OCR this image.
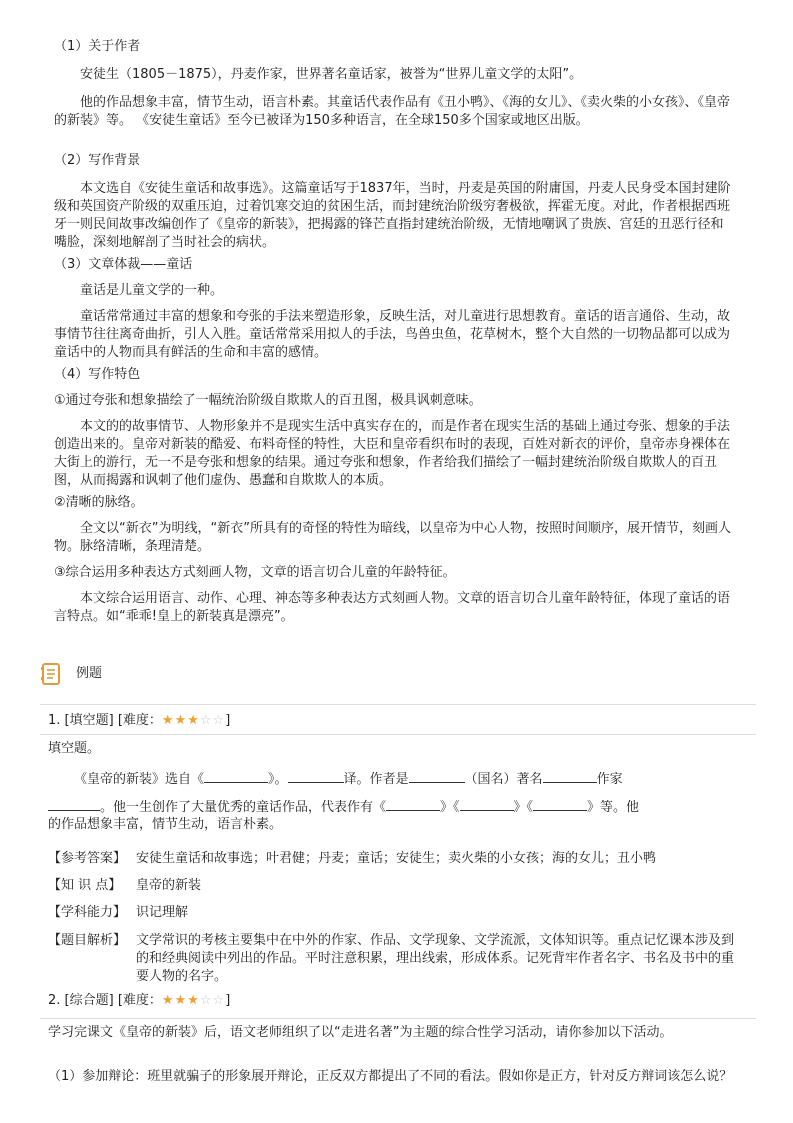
（1）关于作者

安徒生（1805－1875），丹麦作家，世界著名童话家，被誉为“世界儿童文学的太阳”。

他的作品想象丰富，情节生动，语言朴素。其童话代表作品有《丑小鸭》、《海的女儿》、《卖火柴的小女孩》、《皇帝的新装》等。 《安徒生童话》至今已被译为150多种语言，在全球150多个国家或地区出版。

（2）写作背景

本文选自《安徒生童话和故事选》。这篇童话写于1837年，当时，丹麦是英国的附庸国，丹麦人民身受本国封建阶级和英国资产阶级的双重压迫，过着饥寒交迫的贫困生活，而封建统治阶级穷奢极欲，挥霍无度。对此，作者根据西班牙一则民间故事改编创作了《皇帝的新装》，把揭露的锋芒直指封建统治阶级，无情地嘲讽了贵族、宫廷的丑恶行径和嘴脸，深刻地解剖了当时社会的病状。

（3）文章体裁——童话

童话是儿童文学的一种。

童话常常通过丰富的想象和夸张的手法来塑造形象，反映生活，对儿童进行思想教育。童话的语言通俗、生动，故事情节往往离奇曲折，引人入胜。童话常常采用拟人的手法，鸟兽虫鱼，花草树木，整个大自然的一切物品都可以成为童话中的人物而具有鲜活的生命和丰富的感情。

（4）写作特色

①通过夸张和想象描绘了一幅统治阶级自欺欺人的百丑图，极具讽刺意味。

本文的的故事情节、人物形象并不是现实生活中真实存在的，而是作者在现实生活的基础上通过夸张、想象的手法创造出来的。皇帝对新装的酷爱、布料奇怪的特性，大臣和皇帝看织布时的表现，百姓对新衣的评价，皇帝赤身裸体在大街上的游行，无一不是夸张和想象的结果。通过夸张和想象，作者给我们描绘了一幅封建统治阶级自欺欺人的百丑图，从而揭露和讽刺了他们虚伪、愚蠢和自欺欺人的本质。

②清晰的脉络。

全文以“新衣”为明线，“新衣”所具有的奇怪的特性为暗线，以皇帝为中心人物，按照时间顺序，展开情节，刻画人物。脉络清晰，条理清楚。

③综合运用多种表达方式刻画人物，文章的语言切合儿童的年龄特征。

本文综合运用语言、动作、心理、神态等多种表达方式刻画人物。文章的语言切合儿童年龄特征，体现了童话的语言特点。如“乖乖!皇上的新装真是漂亮”。

例题
1. [填空题] [难度：★★★☆☆]

填空题。

《皇帝的新装》选自《	》。	译。作者是	（国名）著名	作家

。他一生创作了大量优秀的童话作品，代表作有《	》《	》《	》等。他

的作品想象丰富，情节生动，语言朴素。

【参考答案】 安徒生童话和故事选；叶君健；丹麦；童话；安徒生；卖火柴的小女孩；海的女儿；丑小鸭
【知 识 点】	皇帝的新装
【学科能力】 识记理解
【题目解析】 文学常识的考核主要集中在中外的作家、作品、文学现象、文学流派，文体知识等。重点记忆课本涉及到的和经典阅读中列出的作品。平时注意积累，理出线索，形成体系。记死背牢作者名字、书名及书中的重要人物的名字。
2. [综合题] [难度：★★★☆☆]

学习完课文《皇帝的新装》后，语文老师组织了以“走进名著”为主题的综合性学习活动，请你参加以下活动。

（1）参加辩论：班里就骗子的形象展开辩论，正反双方都提出了不同的看法。假如你是正方，针对反方辩词该怎么说？
